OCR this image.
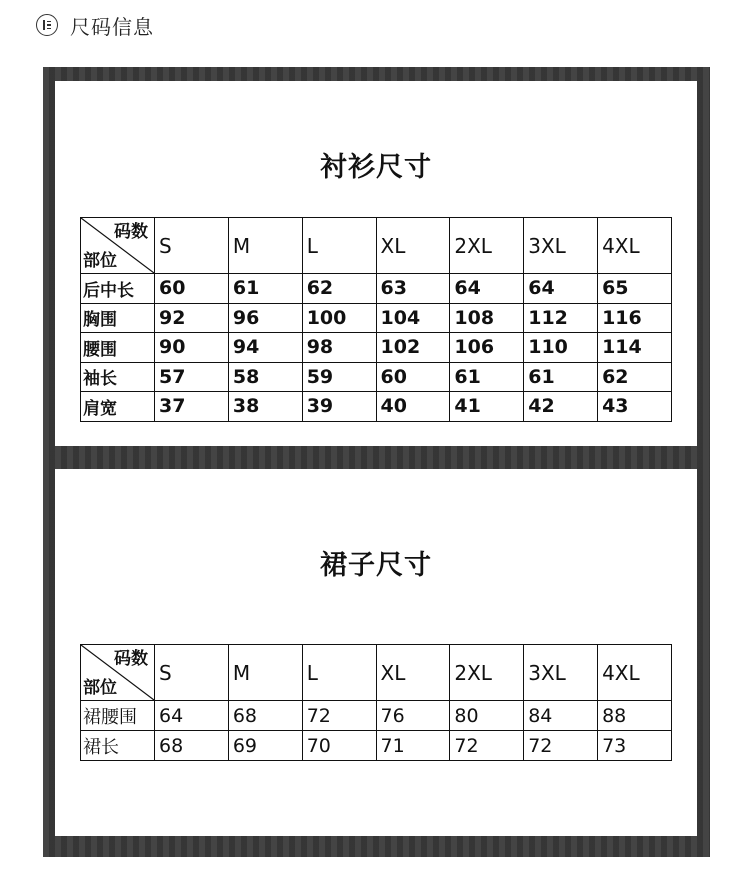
尺码信息
衬衫尺寸
码数
部位	S	M	L	XL	2XL	3XL	4XL
后中长	60	61	62	63	64	64	65
胸围	92	96	100	104	108	112	116
腰围	90	94	98	102	106	110	114
袖长	57	58	59	60	61	61	62
肩宽	37	38	39	40	41	42	43
裙子尺寸
码数
部位	S	M	L	XL	2XL	3XL	4XL
裙腰围	64	68	72	76	80	84	88
裙长	68	69	70	71	72	72	73
